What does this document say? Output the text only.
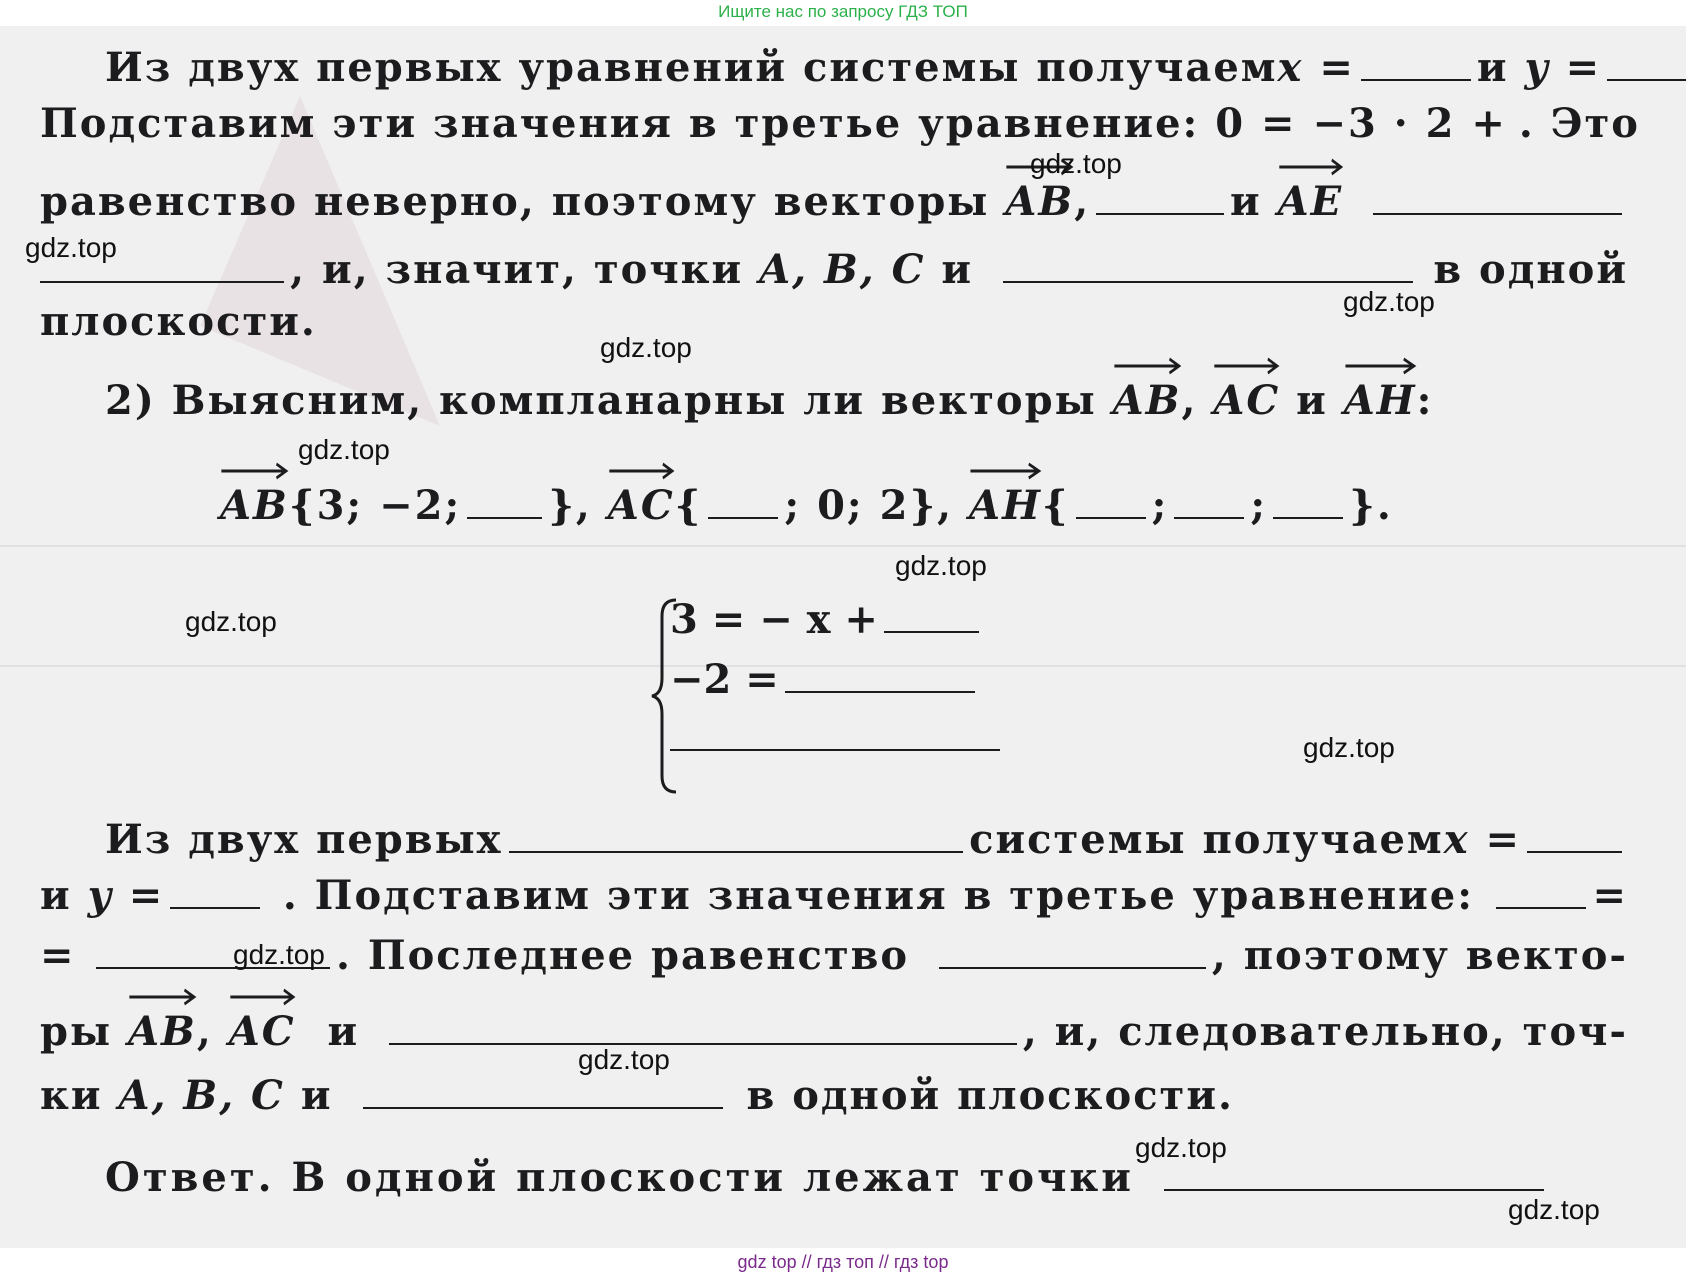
Ищите нас по запросу ГДЗ ТОП
Из двух первых уравнений системы получаем x =	и y =
Подставим эти значения в третье уравнение: 0 = −3 · 2 + . Это
равенство неверно, поэтому векторы
AB ,	и
AE
, и, значит, точки
A, B, C
и	в одной
плоскости.
2) Выясним, компланарны ли векторы
AB ,
AC
и
AH :
AB {3; −2; },
AC { ; 0; 2},
AH { ; ; }.
3 = − x +
−2 =
Из двух первых	системы получаем x =
и y =	. Подставим эти значения в третье уравнение:	=
=	. Последнее равенство	, поэтому векто-
ры
AB ,
AC
и	, и, следовательно, точ-
ки
A, B, C
и	в одной плоскости.
Ответ. В одной плоскости лежат точки
gdz.top
gdz.top
gdz.top
gdz.top
gdz.top
gdz.top
gdz.top
gdz.top
gdz.top
gdz.top
gdz.top
gdz.top
gdz top // гдз топ // гдз top
